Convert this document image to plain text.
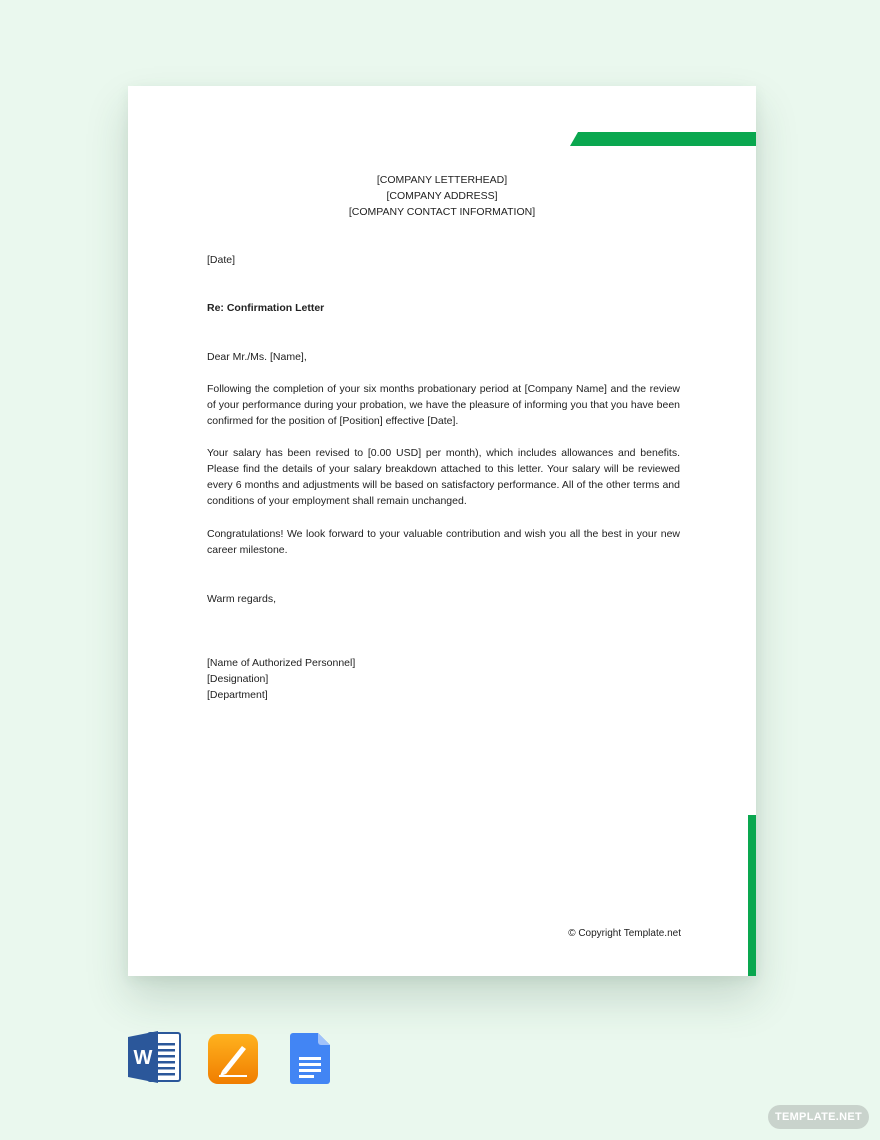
[COMPANY LETTERHEAD]
[COMPANY ADDRESS]
[COMPANY CONTACT INFORMATION]
[Date]
Re: Confirmation Letter
Dear Mr./Ms. [Name],
Following the completion of your six months probationary period at [Company Name] and the review of your performance during your probation, we have the pleasure of informing you that you have been confirmed for the position of [Position] effective [Date].
Your salary has been revised to [0.00 USD] per month), which includes allowances and benefits. Please find the details of your salary breakdown attached to this letter. Your salary will be reviewed every 6 months and adjustments will be based on satisfactory performance. All of the other terms and conditions of your employment shall remain unchanged.
Congratulations! We look forward to your valuable contribution and wish you all the best in your new career milestone.
Warm regards,
[Name of Authorized Personnel]
[Designation]
[Department]
© Copyright Template.net
W
TEMPLATE.NET
